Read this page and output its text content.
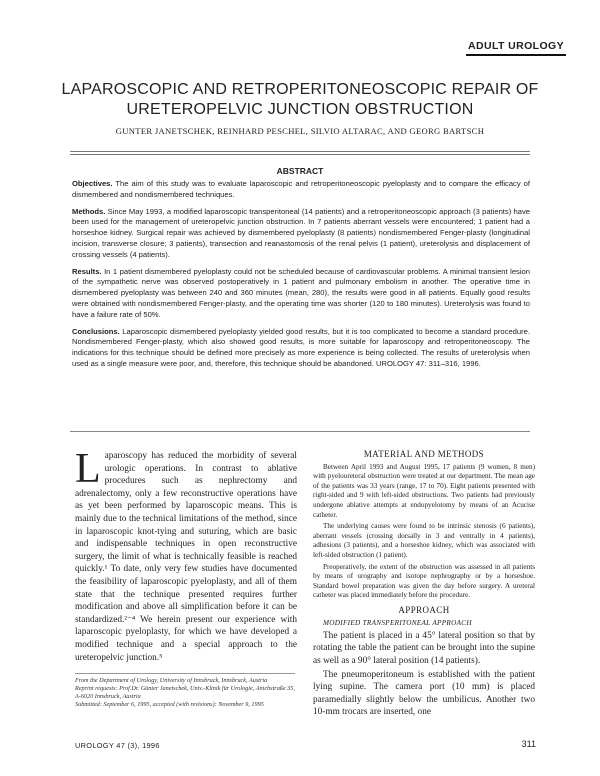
ADULT UROLOGY
LAPAROSCOPIC AND RETROPERITONEOSCOPIC REPAIR OF URETEROPELVIC JUNCTION OBSTRUCTION
GUNTER JANETSCHEK, REINHARD PESCHEL, SILVIO ALTARAC, AND GEORG BARTSCH
ABSTRACT

Objectives. The aim of this study was to evaluate laparoscopic and retroperitoneoscopic pyeloplasty and to compare the efficacy of dismembered and nondismembered techniques.

Methods. Since May 1993, a modified laparoscopic transperitoneal (14 patients) and a retroperitoneoscopic approach (3 patients) have been used for the management of ureteropelvic junction obstruction. In 7 patients aberrant vessels were encountered; 1 patient had a horseshoe kidney. Surgical repair was achieved by dismembered pyeloplasty (8 patients) nondismembered Fenger-plasty (longitudinal incision, transverse closure; 3 patients), transection and reanastomosis of the renal pelvis (1 patient), ureterolysis and displacement of crossing vessels (4 patients).

Results. In 1 patient dismembered pyeloplasty could not be scheduled because of cardiovascular problems. A minimal transient lesion of the sympathetic nerve was observed postoperatively in 1 patient and pulmonary embolism in another. The operative time in dismembered pyeloplasty was between 240 and 360 minutes (mean, 280), the results were good in all patients. Equally good results were obtained with nondismembered Fenger-plasty, and the operating time was shorter (120 to 180 minutes). Ureterolysis was found to have a failure rate of 50%.

Conclusions. Laparoscopic dismembered pyeloplasty yielded good results, but it is too complicated to become a standard procedure. Nondismembered Fenger-plasty, which also showed good results, is more suitable for laparoscopy and retroperitoneoscopy. The indications for this technique should be defined more precisely as more experience is being collected. The results of ureterolysis when used as a single measure were poor, and, therefore, this technique should be abandoned. UROLOGY 47: 311–316, 1996.

Laparoscopy has reduced the morbidity of several urologic operations. In contrast to ablative procedures such as nephrectomy and adrenalectomy, only a few reconstructive operations have as yet been performed by laparoscopic means. This is mainly due to the technical limitations of the method, since in laparoscopic knot-tying and suturing, which are basic and indispensable techniques in open reconstructive surgery, the limit of what is technically feasible is reached quickly.¹ To date, only very few studies have documented the feasibility of laparoscopic pyeloplasty, and all of them state that the technique presented requires further modification and above all simplification before it can be standardized.²⁻⁴ We herein present our experience with laparoscopic pyeloplasty, for which we have developed a modified technique and a special approach to the ureteropelvic junction.⁵
MATERIAL AND METHODS

Between April 1993 and August 1995, 17 patients (9 women, 8 men) with pyeloureteral obstruction were treated at our department. The mean age of the patients was 33 years (range, 17 to 70). Eight patients presented with right-sided and 9 with left-sided obstructions. Two patients had previously undergone ablative attempts at endopyelotomy by means of an Acucise catheter.

The underlying causes were found to be intrinsic stenosis (6 patients), aberrant vessels (crossing dorsally in 3 and ventrally in 4 patients), adhesions (3 patients), and a horseshoe kidney, which was associated with left-sided obstruction (1 patient).

Preoperatively, the extent of the obstruction was assessed in all patients by means of urography and isotope nephrography or by a horseshoe. Standard bowel preparation was given the day before surgery. A ureteral catheter was placed immediately before the procedure.

APPROACH

MODIFIED TRANSPERITONEAL APPROACH

The patient is placed in a 45° lateral position so that by rotating the table the patient can be brought into the supine as well as a 90° lateral position (14 patients).

The pneumoperitoneum is established with the patient lying supine. The camera port (10 mm) is placed paramedially slightly below the umbilicus. Another two 10-mm trocars are inserted, one

From the Department of Urology, University of Innsbruck, Innsbruck, Austria

Reprint requests: Prof.Dr. Günter Janetschek, Univ.-Klinik für Urologie, Anichstraße 35, A-6020 Innsbruck, Austria

Submitted: September 6, 1995, accepted (with revisions): November 9, 1995

UROLOGY 47 (3), 1996	311
